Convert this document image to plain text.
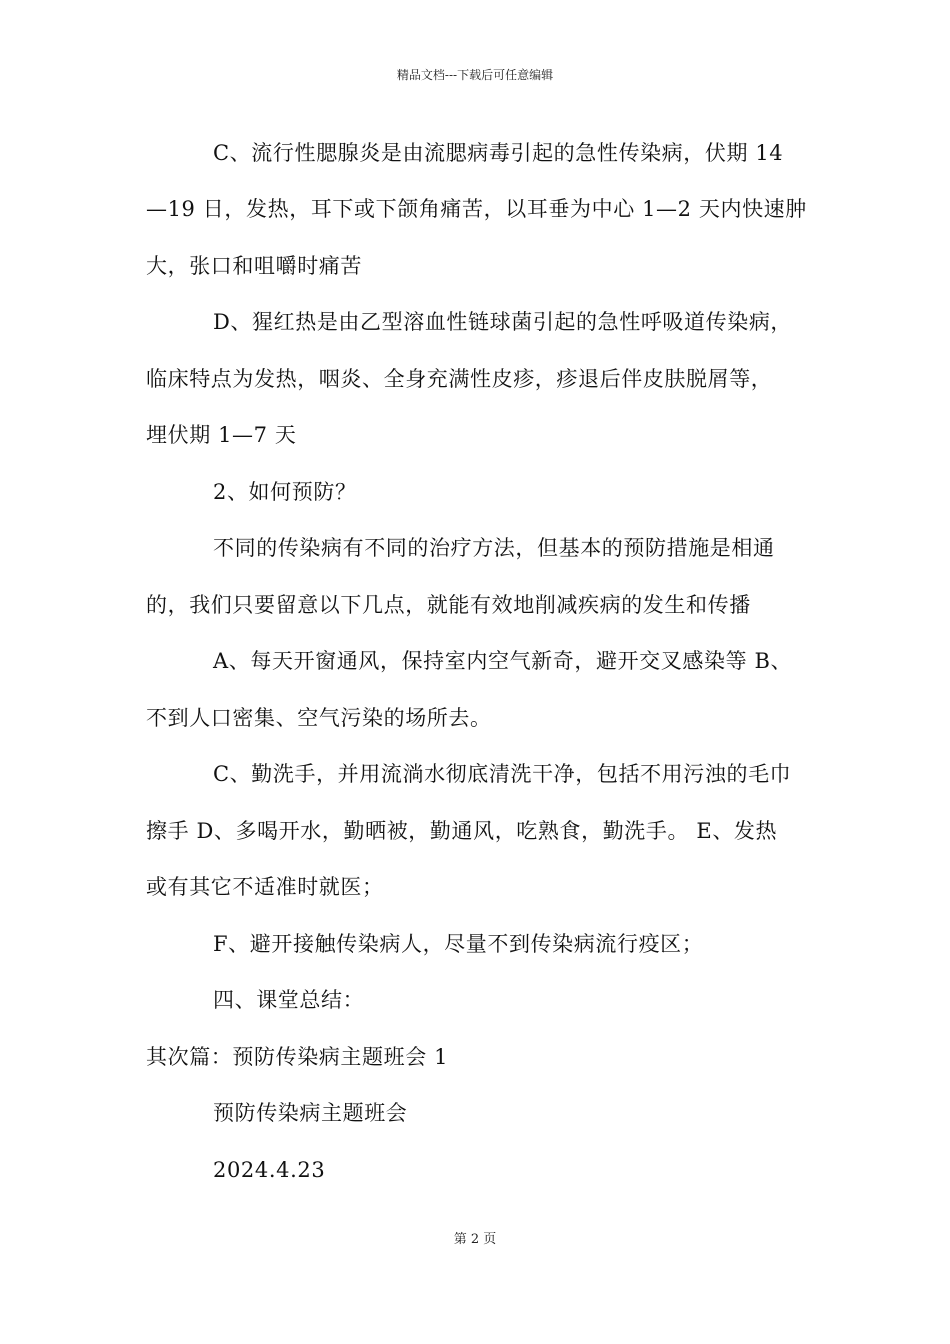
精品文档---下载后可任意编辑
C、流行性腮腺炎是由流腮病毒引起的急性传染病，伏期 14
—19 日，发热，耳下或下颌角痛苦，以耳垂为中心 1—2 天内快速肿
大，张口和咀嚼时痛苦
D、猩红热是由乙型溶血性链球菌引起的急性呼吸道传染病，
临床特点为发热，咽炎、全身充满性皮疹，疹退后伴皮肤脱屑等，
埋伏期 1—7 天
2、如何预防？
不同的传染病有不同的治疗方法，但基本的预防措施是相通
的，我们只要留意以下几点，就能有效地削减疾病的发生和传播
A、每天开窗通风，保持室内空气新奇，避开交叉感染等 B、
不到人口密集、空气污染的场所去。
C、勤洗手，并用流淌水彻底清洗干净，包括不用污浊的毛巾
擦手 D、多喝开水，勤晒被，勤通风，吃熟食，勤洗手。 E、发热
或有其它不适准时就医；
F、避开接触传染病人，尽量不到传染病流行疫区；
四、课堂总结：
其次篇：预防传染病主题班会 1
预防传染病主题班会
2024.4.23
第 2 页
